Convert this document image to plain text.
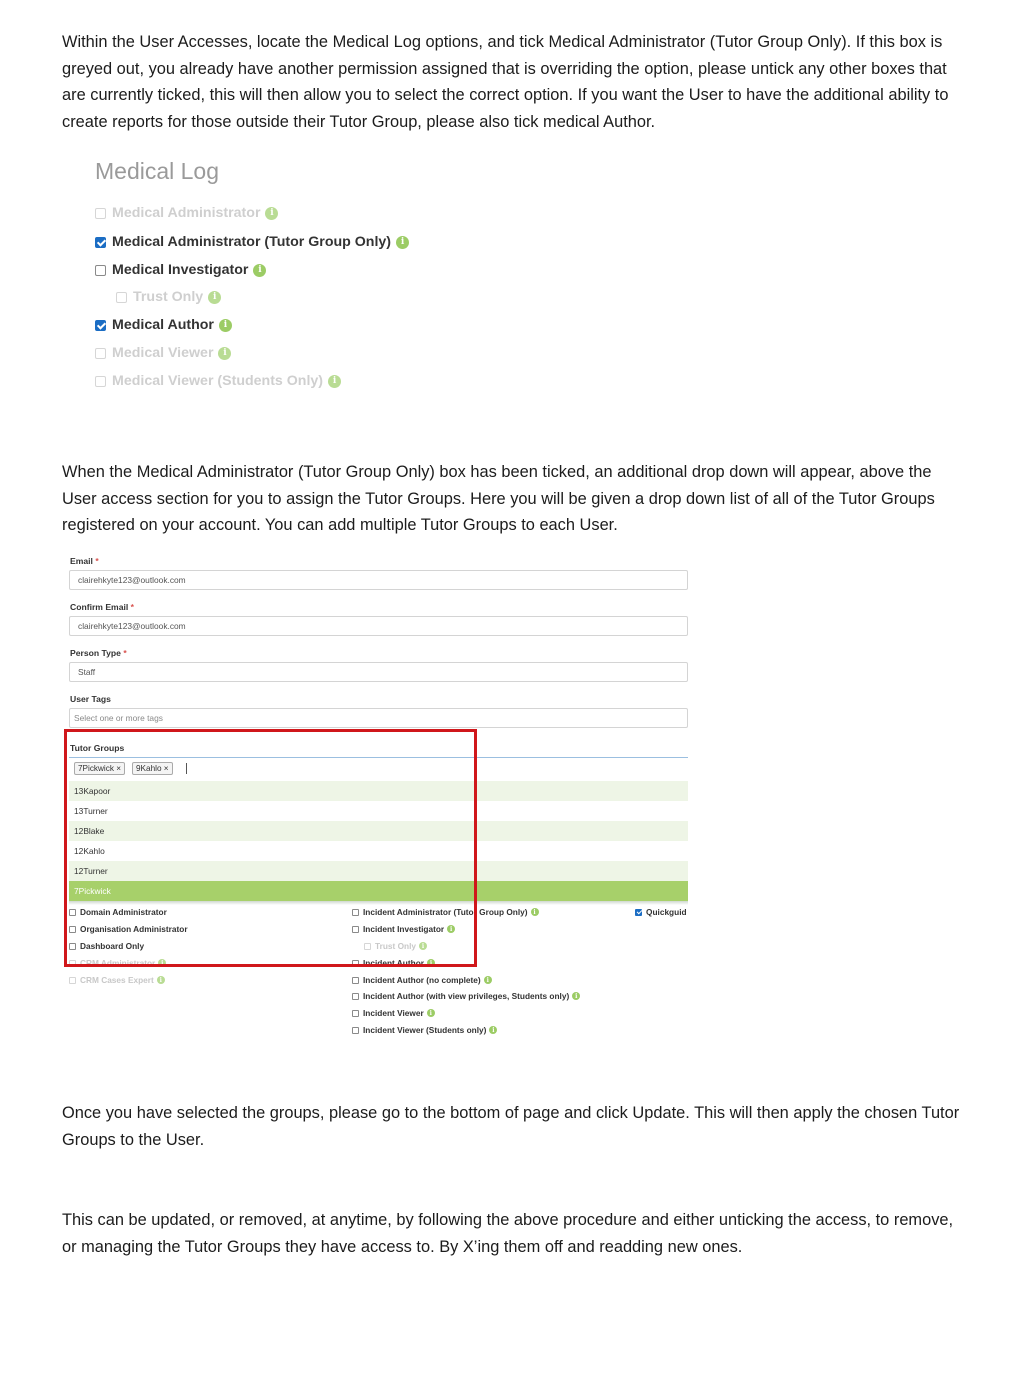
Within the User Accesses, locate the Medical Log options, and tick Medical Administrator (Tutor Group Only). If this box is greyed out, you already have another permission assigned that is overriding the option, please untick any other boxes that are currently ticked, this will then allow you to select the correct option. If you want the User to have the additional ability to create reports for those outside their Tutor Group, please also tick medical Author.

Medical Log
Medical Administrator	i
Medical Administrator (Tutor Group Only)	i
Medical Investigator	i
Trust Only	i
Medical Author	i
Medical Viewer	i
Medical Viewer (Students Only)	i

When the Medical Administrator (Tutor Group Only) box has been ticked, an additional drop down will appear, above the User access section for you to assign the Tutor Groups. Here you will be given a drop down list of all of the Tutor Groups registered on your account. You can add multiple Tutor Groups to each User.

Email *
clairehkyte123@outlook.com
Confirm Email *
clairehkyte123@outlook.com
Person Type *
Staff
User Tags
Select one or more tags
Tutor Groups
7Pickwick ×	9Kahlo ×
13Kapoor
13Turner
12Blake
12Kahlo
12Turner
7Pickwick
Domain Administrator
Organisation Administrator
Dashboard Only
CRM Administrator i
CRM Cases Expert i
Incident Administrator (Tutor Group Only) i
Incident Investigator i
Trust Only i
Incident Author i
Incident Author (no complete) i
Incident Author (with view privileges, Students only) i
Incident Viewer i
Incident Viewer (Students only) i
Quickguid

Once you have selected the groups, please go to the bottom of page and click Update. This will then apply the chosen Tutor Groups to the User.

This can be updated, or removed, at anytime, by following the above procedure and either unticking the access, to remove, or managing the Tutor Groups they have access to. By X’ing them off and readding new ones.
